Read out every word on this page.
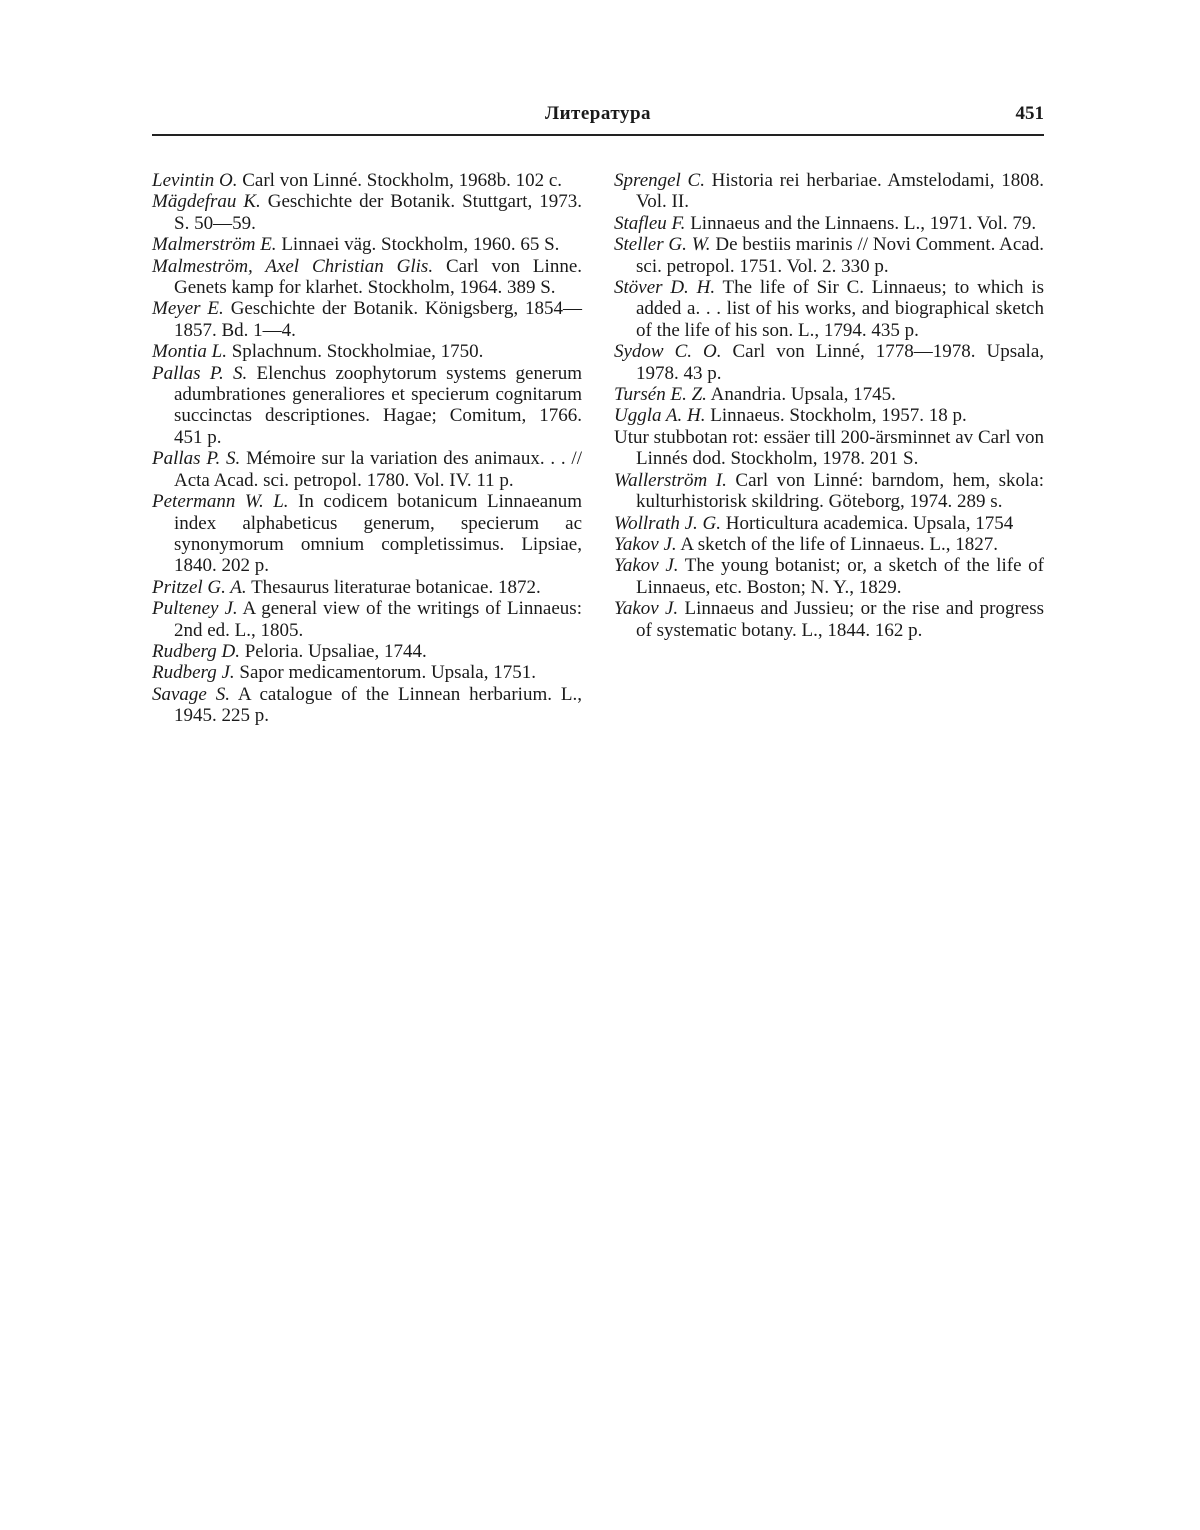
Литература	451

Levintin O. Carl von Linné. Stockholm, 1968b. 102 c.

Mägdefrau K. Geschichte der Botanik. Stuttgart, 1973. S. 50—59.

Malmerström E. Linnaei väg. Stockholm, 1960. 65 S.

Malmeström, Axel Christian Glis. Carl von Linne. Genets kamp for klarhet. Stockholm, 1964. 389 S.

Meyer E. Geschichte der Botanik. Königsberg, 1854—1857. Bd. 1—4.

Montia L. Splachnum. Stockholmiae, 1750.

Pallas P. S. Elenchus zoophytorum systems generum adumbrationes generaliores et specierum cognitarum succinctas descriptiones. Hagae; Comitum, 1766. 451 p.

Pallas P. S. Mémoire sur la variation des animaux. . . // Acta Acad. sci. petropol. 1780. Vol. IV. 11 p.

Petermann W. L. In codicem botanicum Linnaeanum index alphabeticus generum, specierum ac synonymorum omnium completissimus. Lipsiae, 1840. 202 p.

Pritzel G. A. Thesaurus literaturae botanicae. 1872.

Pulteney J. A general view of the writings of Linnaeus: 2nd ed. L., 1805.

Rudberg D. Peloria. Upsaliae, 1744.

Rudberg J. Sapor medicamentorum. Upsala, 1751.

Savage S. A catalogue of the Linnean herbarium. L., 1945. 225 p.

Sprengel C. Historia rei herbariae. Amstelodami, 1808. Vol. II.

Stafleu F. Linnaeus and the Linnaens. L., 1971. Vol. 79.

Steller G. W. De bestiis marinis // Novi Comment. Acad. sci. petropol. 1751. Vol. 2. 330 p.

Stöver D. H. The life of Sir C. Linnaeus; to which is added a. . . list of his works, and biographical sketch of the life of his son. L., 1794. 435 p.

Sydow C. O. Carl von Linné, 1778—1978. Upsala, 1978. 43 p.

Tursén E. Z. Anandria. Upsala, 1745.

Uggla A. H. Linnaeus. Stockholm, 1957. 18 p.

Utur stubbotan rot: essäer till 200-ärsminnet av Carl von Linnés dod. Stockholm, 1978. 201 S.

Wallerström I. Carl von Linné: barndom, hem, skola: kulturhistorisk skildring. Göteborg, 1974. 289 s.

Wollrath J. G. Horticultura academica. Upsala, 1754

Yakov J. A sketch of the life of Linnaeus. L., 1827.

Yakov J. The young botanist; or, a sketch of the life of Linnaeus, etc. Boston; N. Y., 1829.

Yakov J. Linnaeus and Jussieu; or the rise and progress of systematic botany. L., 1844. 162 p.
